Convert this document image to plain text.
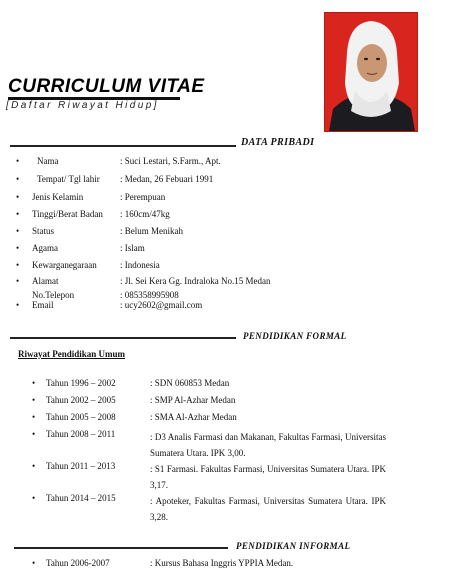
CURRICULUM VITAE
[Daftar Riwayat Hidup]
DATA PRIBADI
• Nama	: Suci Lestari, S.Farm., Apt.
• Tempat/ Tgl lahir : Medan, 26 Febuari 1991
• Jenis Kelamin	: Perempuan
• Tinggi/Berat Badan : 160cm/47kg
• Status	: Belum Menikah
• Agama	: Islam
• Kewarganegaraan	: Indonesia
• Alamat	: Jl. Sei Kera Gg. Indraloka No.15 Medan
No.Telepon	: 085358995908
• Email	: ucy2602@gmail.com
PENDIDIKAN FORMAL
Riwayat Pendidikan Umum
• Tahun 1996 – 2002	: SDN 060853 Medan
• Tahun 2002 – 2005	: SMP Al-Azhar Medan
• Tahun 2005 – 2008	: SMA Al-Azhar Medan
• Tahun 2008 – 2011	: D3 Analis Farmasi dan Makanan, Fakultas Farmasi, Universitas Sumatera Utara. IPK 3,00.
• Tahun 2011 – 2013	: S1 Farmasi. Fakultas Farmasi, Universitas Sumatera Utara. IPK 3,17.
• Tahun 2014 – 2015	: Apoteker, Fakultas Farmasi, Universitas Sumatera Utara. IPK 3,28.
PENDIDIKAN INFORMAL
• Tahun 2006-2007	: Kursus Bahasa Inggris YPPIA Medan.
